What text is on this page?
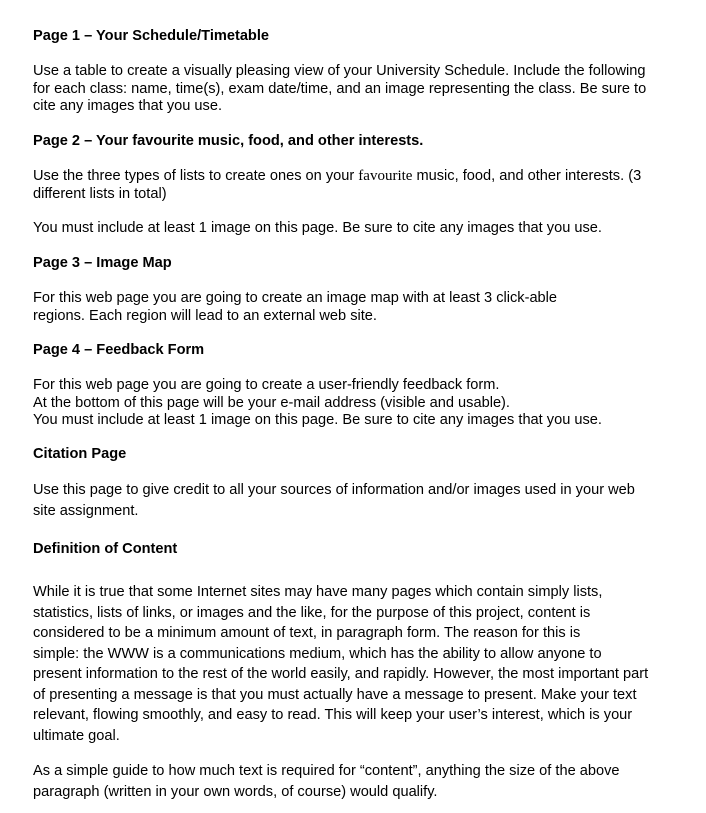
Page 1 – Your Schedule/Timetable
Use a table to create a visually pleasing view of your University Schedule. Include the following
for each class: name, time(s), exam date/time, and an image representing the class. Be sure to
cite any images that you use.
Page 2 – Your favourite music, food, and other interests.
Use the three types of lists to create ones on your favourite music, food, and other interests. (3
different lists in total)
You must include at least 1 image on this page. Be sure to cite any images that you use.
Page 3 – Image Map
For this web page you are going to create an image map with at least 3 click-able
regions. Each region will lead to an external web site.
Page 4 – Feedback Form
For this web page you are going to create a user-friendly feedback form.
At the bottom of this page will be your e-mail address (visible and usable).
You must include at least 1 image on this page. Be sure to cite any images that you use.
Citation Page
Use this page to give credit to all your sources of information and/or images used in your web
site assignment.
Definition of Content
While it is true that some Internet sites may have many pages which contain simply lists,
statistics, lists of links, or images and the like, for the purpose of this project, content is
considered to be a minimum amount of text, in paragraph form. The reason for this is
simple: the WWW is a communications medium, which has the ability to allow anyone to
present information to the rest of the world easily, and rapidly. However, the most important part
of presenting a message is that you must actually have a message to present. Make your text
relevant, flowing smoothly, and easy to read. This will keep your user’s interest, which is your
ultimate goal.
As a simple guide to how much text is required for “content”, anything the size of the above
paragraph (written in your own words, of course) would qualify.
